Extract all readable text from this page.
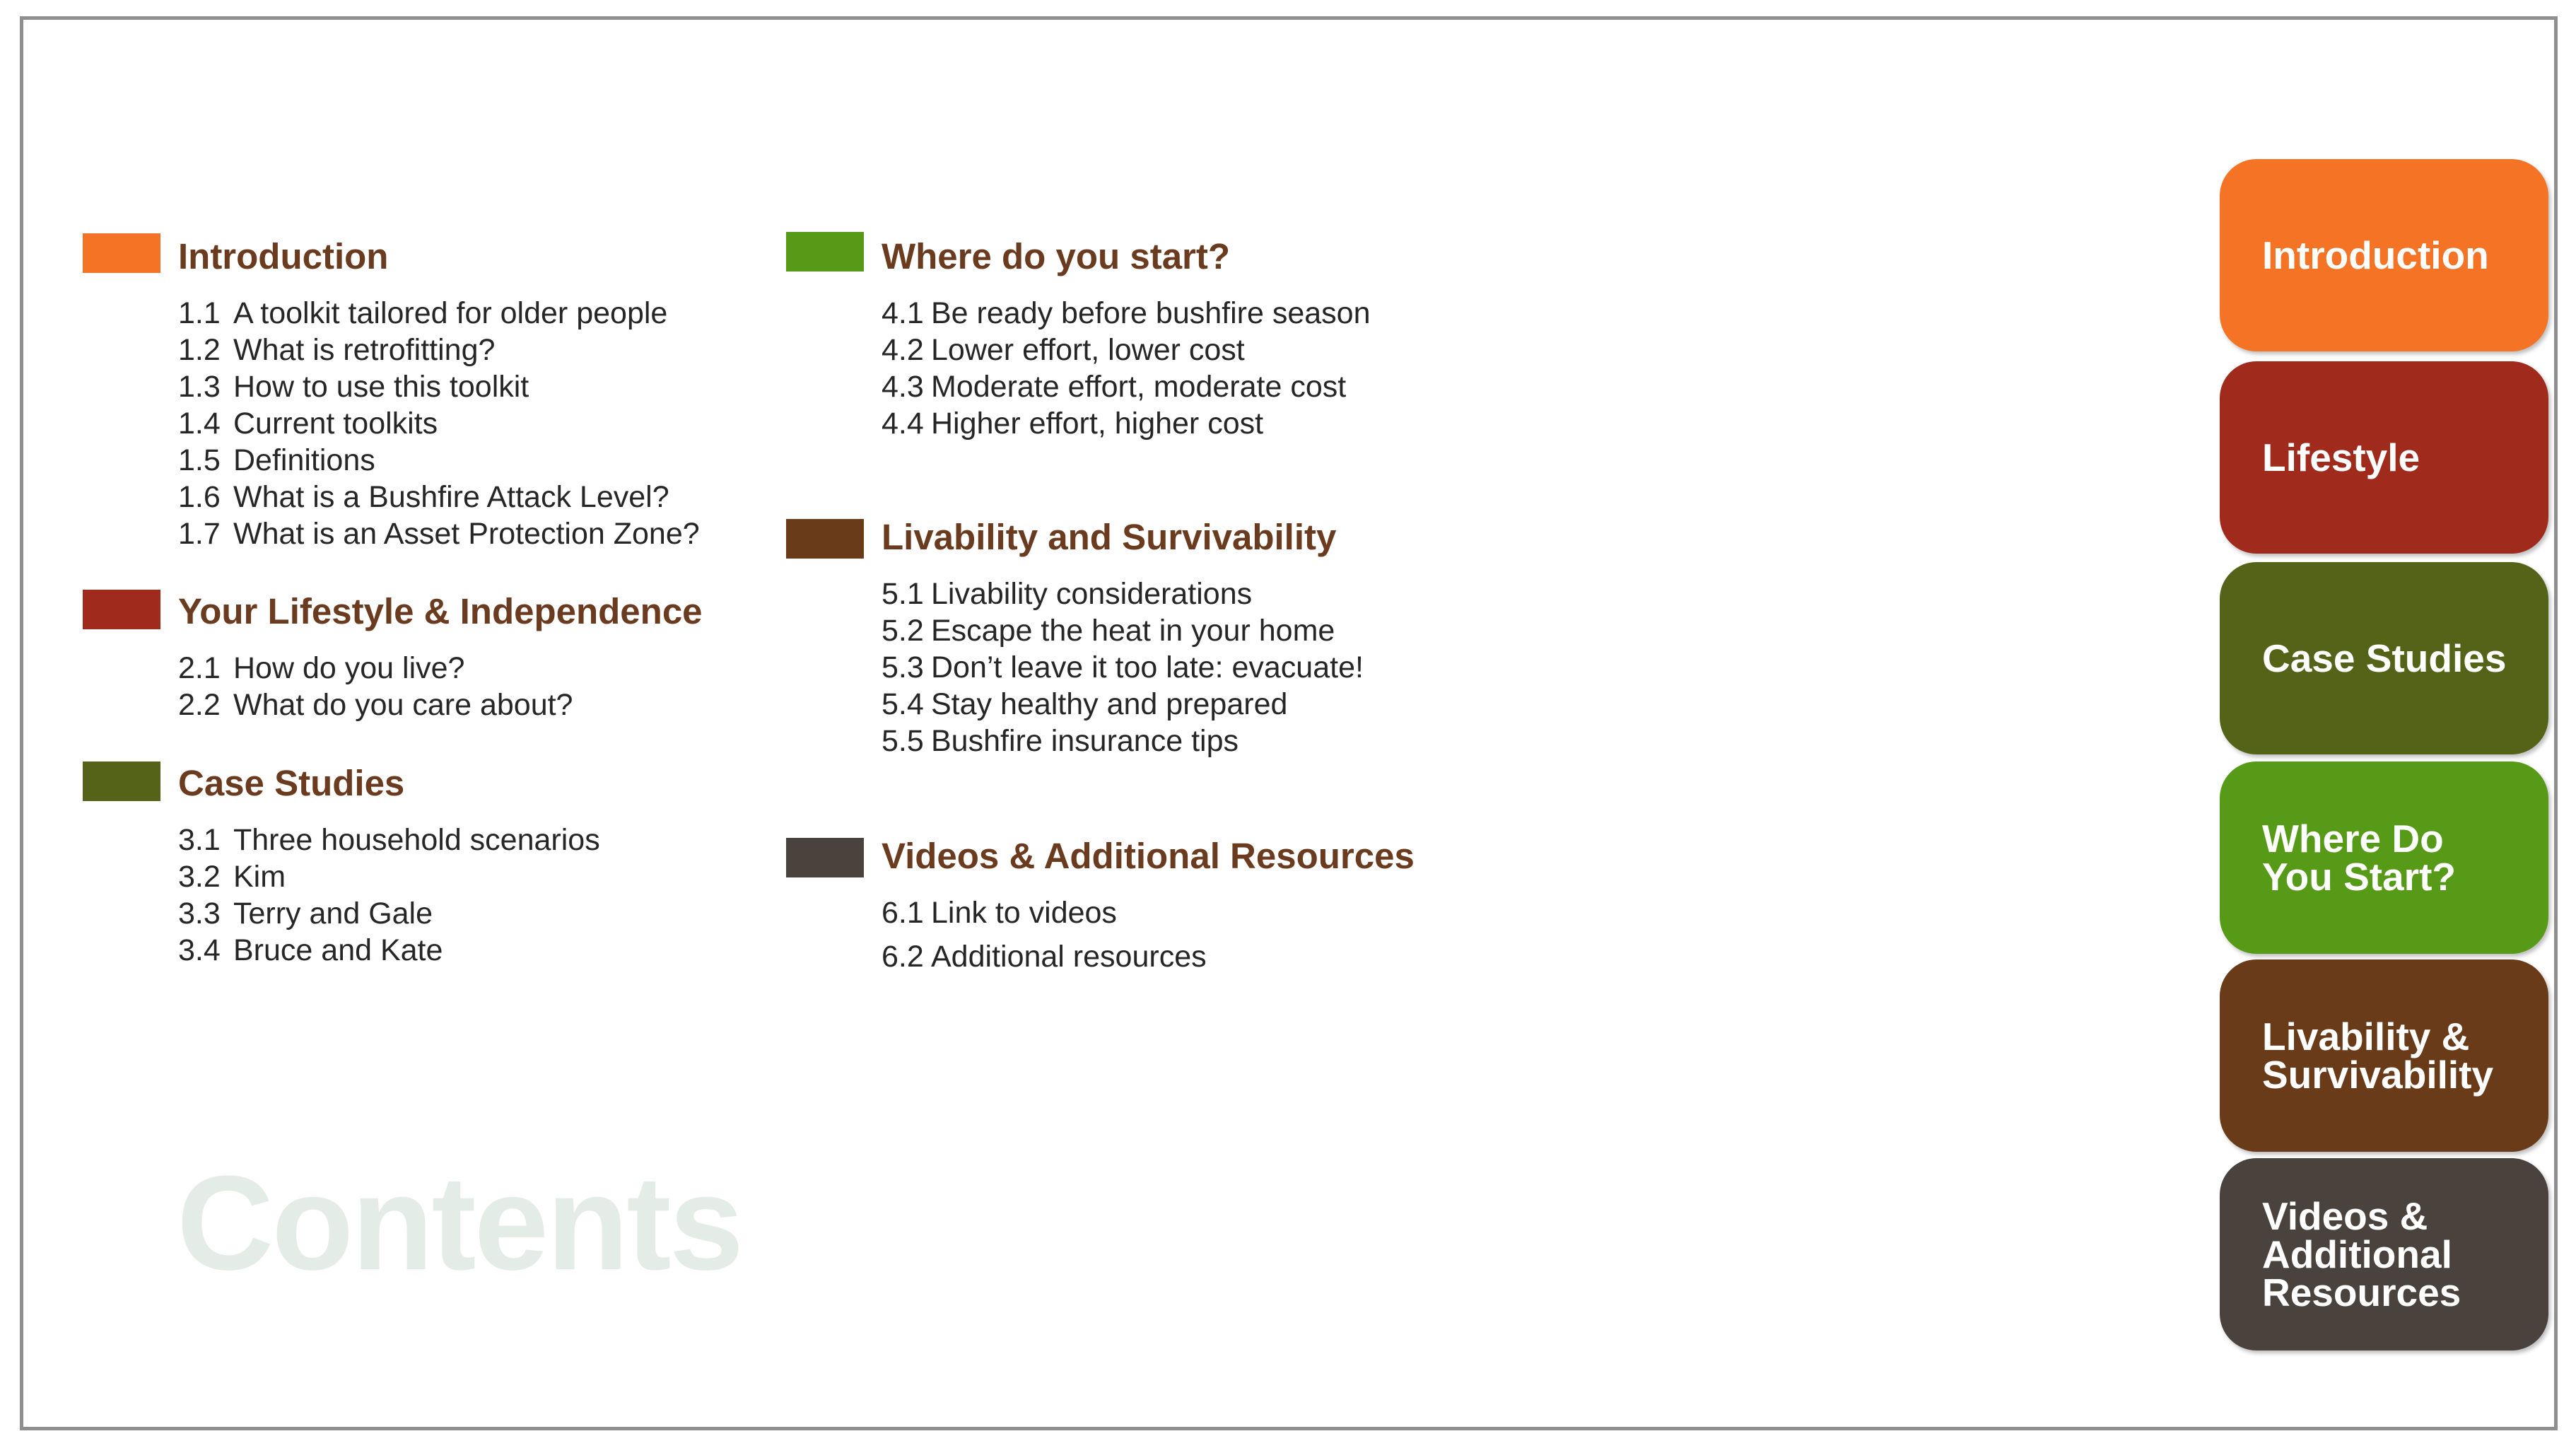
Introduction
1.1 A toolkit tailored for older people
1.2 What is retrofitting?
1.3 How to use this toolkit
1.4 Current toolkits
1.5 Definitions
1.6 What is a Bushfire Attack Level?
1.7 What is an Asset Protection Zone?
Your Lifestyle & Independence
2.1 How do you live?
2.2 What do you care about?
Case Studies
3.1 Three household scenarios
3.2 Kim
3.3 Terry and Gale
3.4 Bruce and Kate
Where do you start?
4.1 Be ready before bushfire season
4.2 Lower effort, lower cost
4.3 Moderate effort, moderate cost
4.4 Higher effort, higher cost
Livability and Survivability
5.1 Livability considerations
5.2 Escape the heat in your home
5.3 Don’t leave it too late: evacuate!
5.4 Stay healthy and prepared
5.5 Bushfire insurance tips
Videos & Additional Resources
6.1 Link to videos
6.2 Additional resources
Contents
Introduction
Lifestyle
Case Studies
Where Do
You Start?
Livability &
Survivability
Videos &
Additional
Resources
